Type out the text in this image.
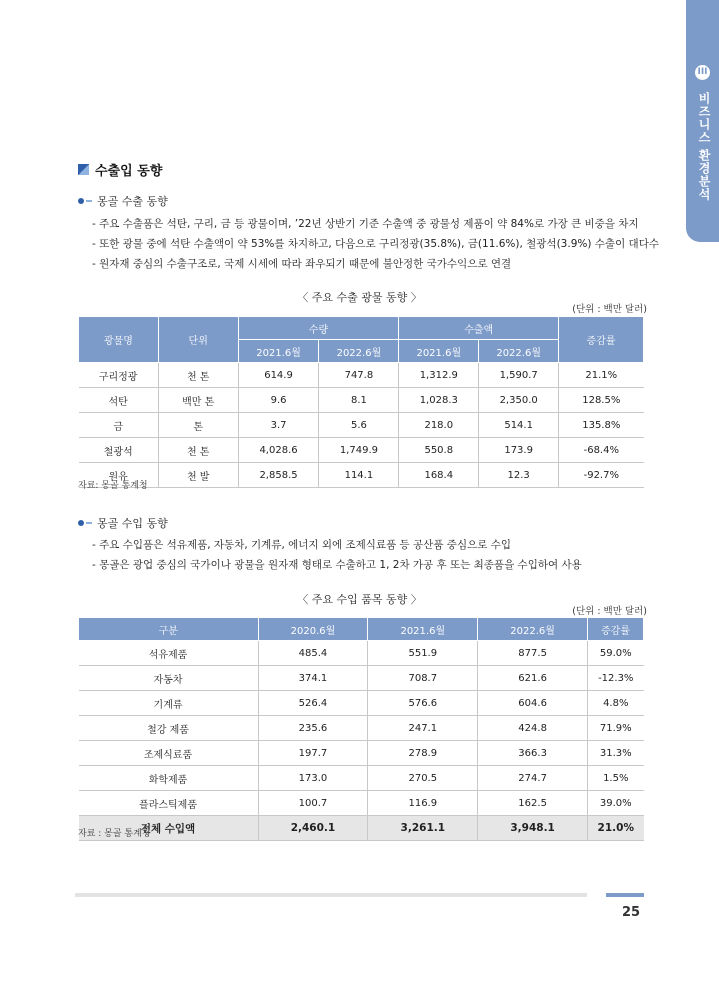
III
비즈니스 환경분석
수출입 동향
몽골 수출 동향
- 주요 수출품은 석탄, 구리, 금 등 광물이며, ’22년 상반기 기준 수출액 중 광물성 제품이 약 84%로 가장 큰 비중을 차지
- 또한 광물 중에 석탄 수출액이 약 53%를 차지하고, 다음으로 구리정광(35.8%), 금(11.6%), 철광석(3.9%) 수출이 대다수
- 원자재 중심의 수출구조로, 국제 시세에 따라 좌우되기 때문에 불안정한 국가수익으로 연결
〈 주요 수출 광물 동향 〉
(단위 : 백만 달러)
광물명	단위	수량		수출액		증감률
		2021.6월	2022.6월	2021.6월	2022.6월	
구리정광	천 톤	614.9	747.8	1,312.9	1,590.7	21.1%
석탄	백만 톤	9.6	8.1	1,028.3	2,350.0	128.5%
금	톤	3.7	5.6	218.0	514.1	135.8%
철광석	천 톤	4,028.6	1,749.9	550.8	173.9	-68.4%
원유	천 발	2,858.5	114.1	168.4	12.3	-92.7%
자료: 몽골 통계청
몽골 수입 동향
- 주요 수입품은 석유제품, 자동차, 기계류, 에너지 외에 조제식료품 등 공산품 중심으로 수입
- 몽골은 광업 중심의 국가이나 광물을 원자재 형태로 수출하고 1, 2차 가공 후 또는 최종품을 수입하여 사용
〈 주요 수입 품목 동향 〉
(단위 : 백만 달러)
구분	2020.6월	2021.6월	2022.6월	증감률
석유제품	485.4	551.9	877.5	59.0%
자동차	374.1	708.7	621.6	-12.3%
기계류	526.4	576.6	604.6	4.8%
철강 제품	235.6	247.1	424.8	71.9%
조제식료품	197.7	278.9	366.3	31.3%
화학제품	173.0	270.5	274.7	1.5%
플라스틱제품	100.7	116.9	162.5	39.0%
전체 수입액	2,460.1	3,261.1	3,948.1	21.0%
자료 : 몽골 통계청
25
